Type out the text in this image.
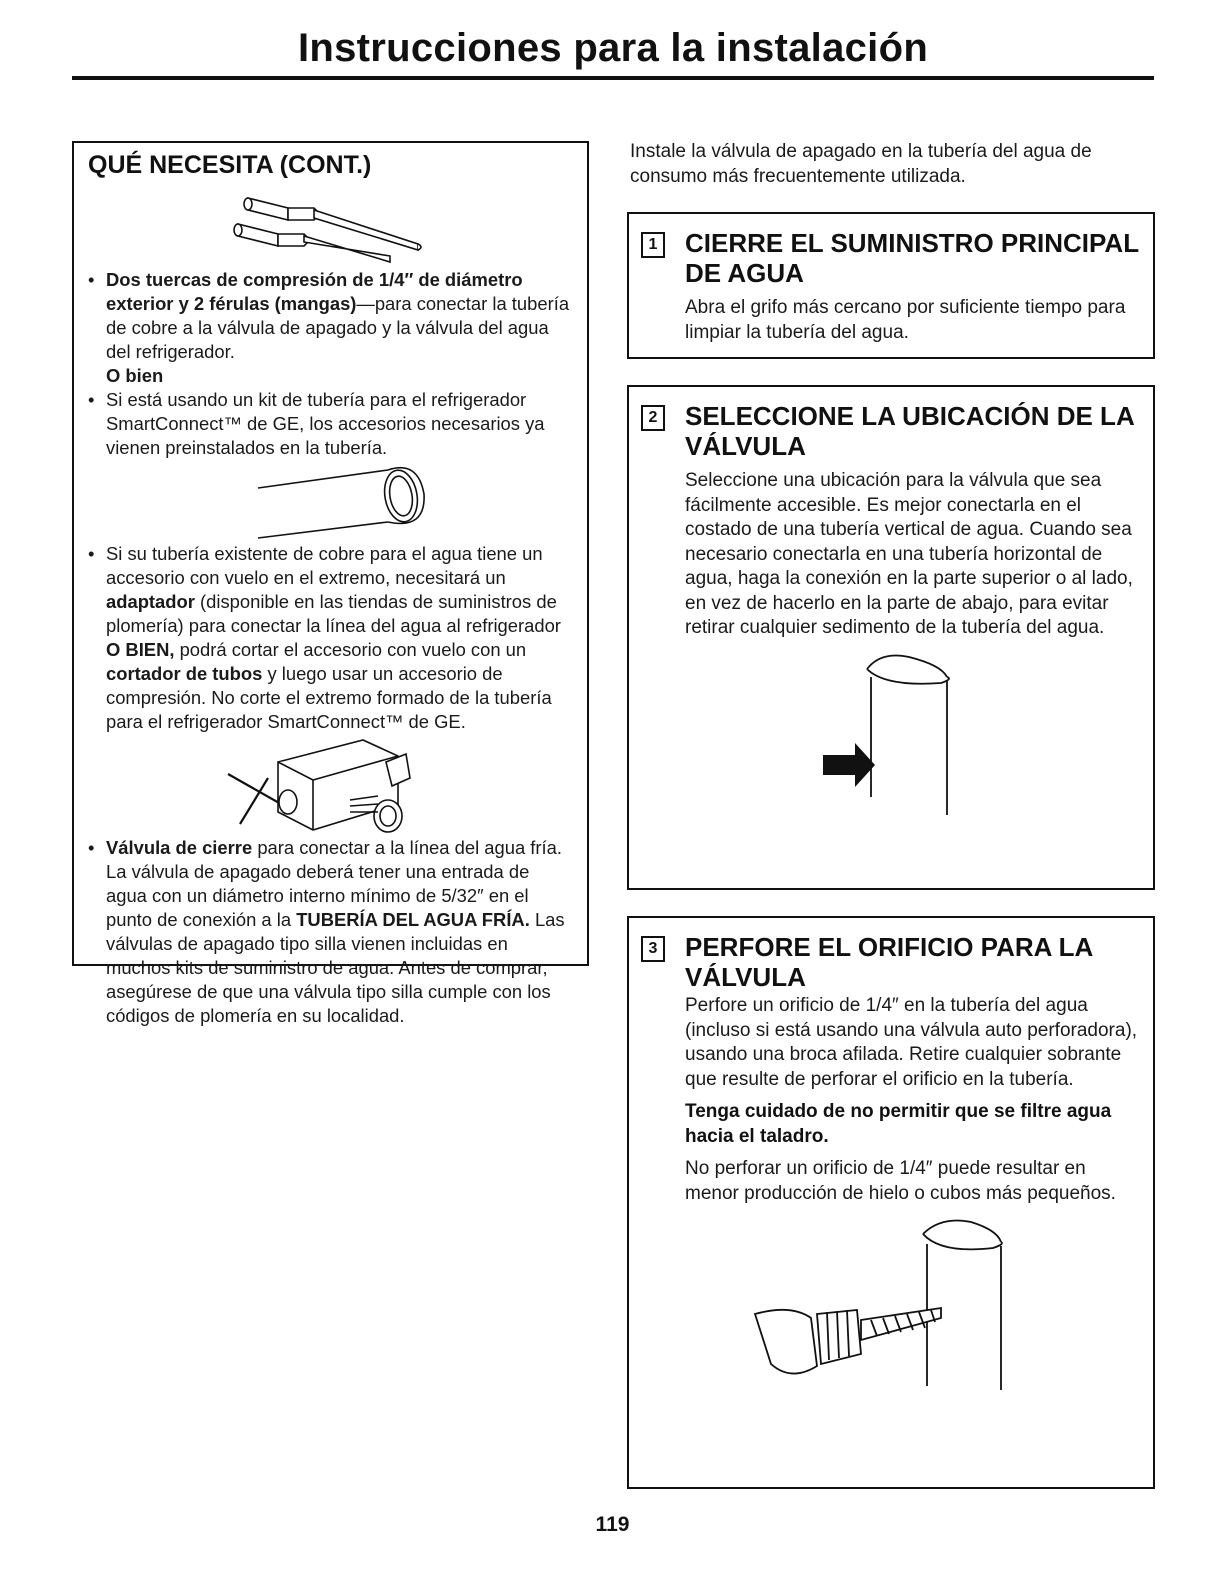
Instrucciones para la instalación
QUÉ NECESITA (CONT.)
• Dos tuercas de compresión de 1/4″ de diámetro exterior y 2 férulas (mangas)—para conectar la tubería de cobre a la válvula de apagado y la válvula del agua del refrigerador.
O bien
• Si está usando un kit de tubería para el refrigerador SmartConnect™ de GE, los accesorios necesarios ya vienen preinstalados en la tubería.
• Si su tubería existente de cobre para el agua tiene un accesorio con vuelo en el extremo, necesitará un adaptador (disponible en las tiendas de suministros de plomería) para conectar la línea del agua al refrigerador O BIEN, podrá cortar el accesorio con vuelo con un cortador de tubos y luego usar un accesorio de compresión. No corte el extremo formado de la tubería para el refrigerador SmartConnect™ de GE.
• Válvula de cierre para conectar a la línea del agua fría. La válvula de apagado deberá tener una entrada de agua con un diámetro interno mínimo de 5/32″ en el punto de conexión a la TUBERÍA DEL AGUA FRÍA. Las válvulas de apagado tipo silla vienen incluidas en muchos kits de suministro de agua. Antes de comprar, asegúrese de que una válvula tipo silla cumple con los códigos de plomería en su localidad.
Instale la válvula de apagado en la tubería del agua de consumo más frecuentemente utilizada.
1 CIERRE EL SUMINISTRO PRINCIPAL DE AGUA
Abra el grifo más cercano por suficiente tiempo para limpiar la tubería del agua.
2 SELECCIONE LA UBICACIÓN DE LA VÁLVULA
Seleccione una ubicación para la válvula que sea fácilmente accesible. Es mejor conectarla en el costado de una tubería vertical de agua. Cuando sea necesario conectarla en una tubería horizontal de agua, haga la conexión en la parte superior o al lado, en vez de hacerlo en la parte de abajo, para evitar retirar cualquier sedimento de la tubería del agua.
3 PERFORE EL ORIFICIO PARA LA VÁLVULA

Perfore un orificio de 1/4″ en la tubería del agua (incluso si está usando una válvula auto perforadora), usando una broca afilada. Retire cualquier sobrante que resulte de perforar el orificio en la tubería.

Tenga cuidado de no permitir que se filtre agua hacia el taladro.

No perforar un orificio de 1/4″ puede resultar en menor producción de hielo o cubos más pequeños.

119
